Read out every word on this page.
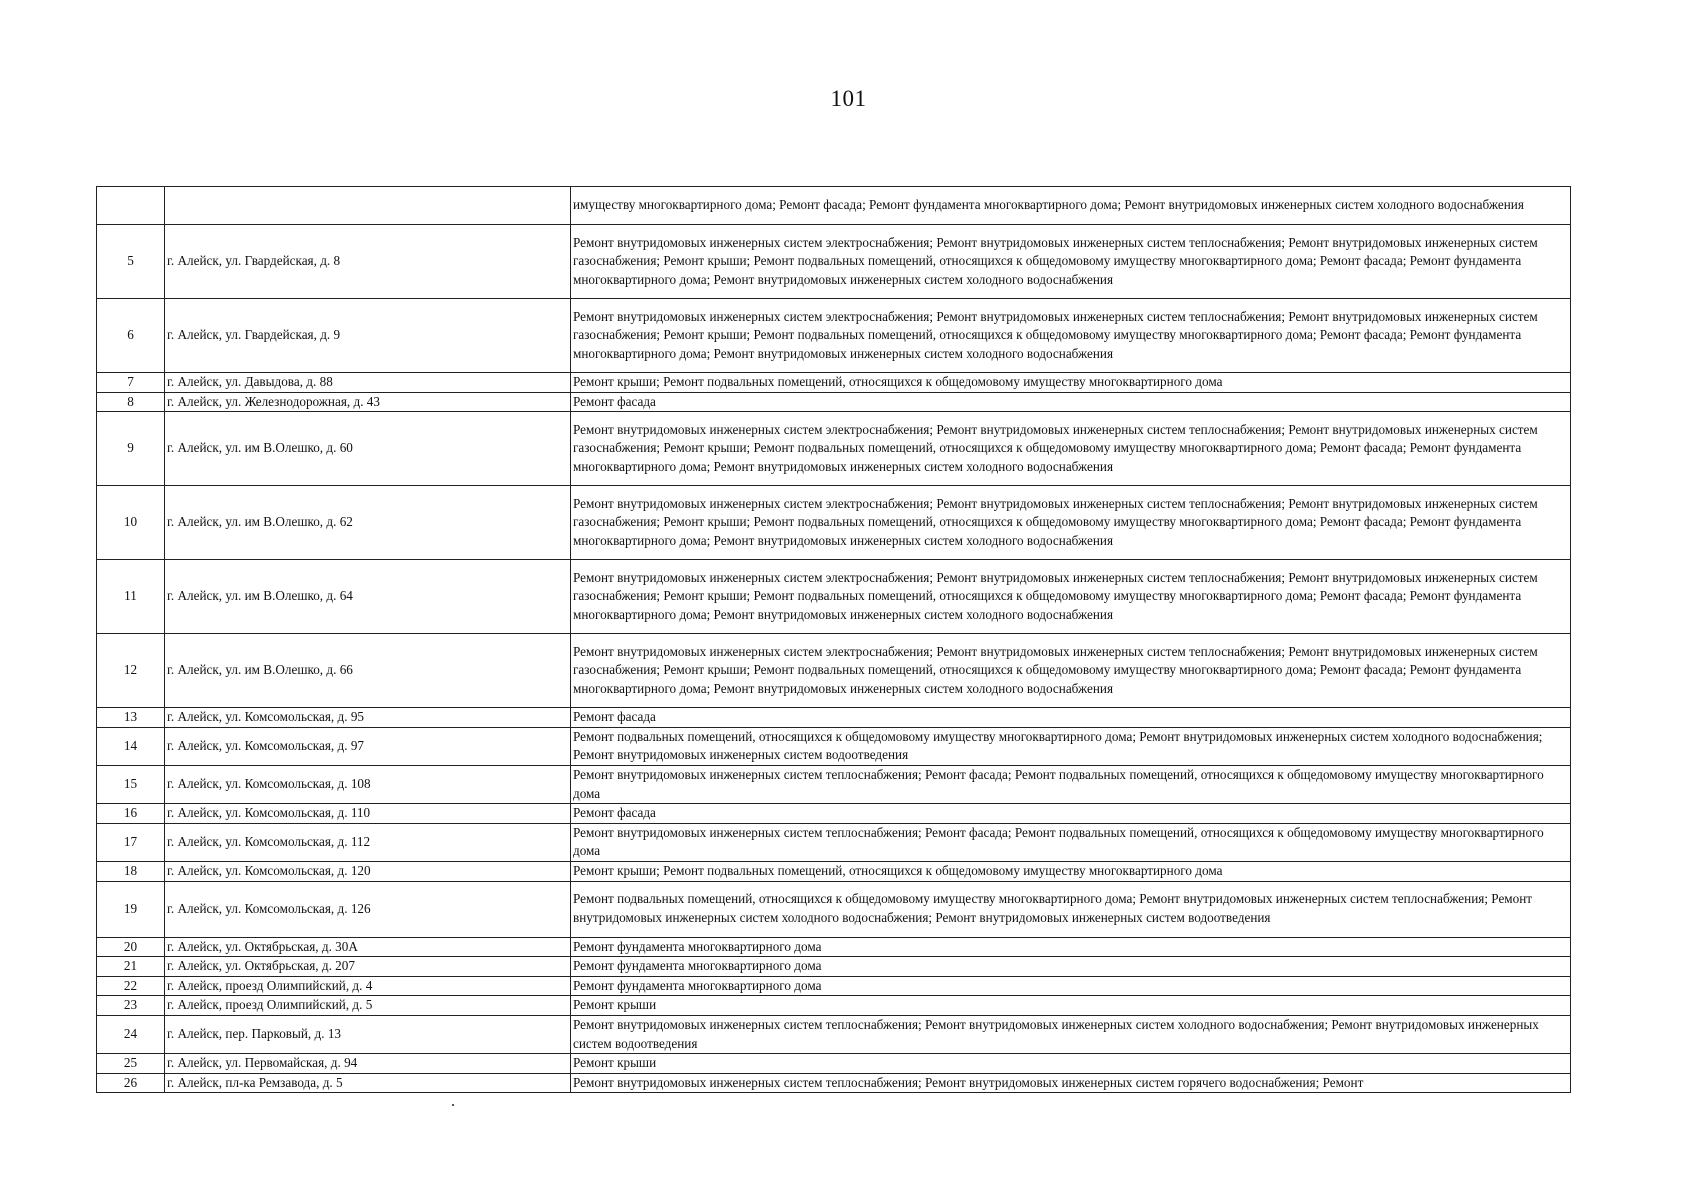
101
		имуществу многоквартирного дома; Ремонт фасада; Ремонт фундамента многоквартирного дома; Ремонт внутридомовых инженерных систем холодного водоснабжения
5	г. Алейск, ул. Гвардейская, д. 8	Ремонт внутридомовых инженерных систем электроснабжения; Ремонт внутридомовых инженерных систем теплоснабжения; Ремонт внутридомовых инженерных систем газоснабжения; Ремонт крыши; Ремонт подвальных помещений, относящихся к общедомовому имуществу многоквартирного дома; Ремонт фасада; Ремонт фундамента многоквартирного дома; Ремонт внутридомовых инженерных систем холодного водоснабжения
6	г. Алейск, ул. Гвардейская, д. 9	Ремонт внутридомовых инженерных систем электроснабжения; Ремонт внутридомовых инженерных систем теплоснабжения; Ремонт внутридомовых инженерных систем газоснабжения; Ремонт крыши; Ремонт подвальных помещений, относящихся к общедомовому имуществу многоквартирного дома; Ремонт фасада; Ремонт фундамента многоквартирного дома; Ремонт внутридомовых инженерных систем холодного водоснабжения
7	г. Алейск, ул. Давыдова, д. 88	Ремонт крыши; Ремонт подвальных помещений, относящихся к общедомовому имуществу многоквартирного дома
8	г. Алейск, ул. Железнодорожная, д. 43	Ремонт фасада
9	г. Алейск, ул. им В.Олешко, д. 60	Ремонт внутридомовых инженерных систем электроснабжения; Ремонт внутридомовых инженерных систем теплоснабжения; Ремонт внутридомовых инженерных систем газоснабжения; Ремонт крыши; Ремонт подвальных помещений, относящихся к общедомовому имуществу многоквартирного дома; Ремонт фасада; Ремонт фундамента многоквартирного дома; Ремонт внутридомовых инженерных систем холодного водоснабжения
10	г. Алейск, ул. им В.Олешко, д. 62	Ремонт внутридомовых инженерных систем электроснабжения; Ремонт внутридомовых инженерных систем теплоснабжения; Ремонт внутридомовых инженерных систем газоснабжения; Ремонт крыши; Ремонт подвальных помещений, относящихся к общедомовому имуществу многоквартирного дома; Ремонт фасада; Ремонт фундамента многоквартирного дома; Ремонт внутридомовых инженерных систем холодного водоснабжения
11	г. Алейск, ул. им В.Олешко, д. 64	Ремонт внутридомовых инженерных систем электроснабжения; Ремонт внутридомовых инженерных систем теплоснабжения; Ремонт внутридомовых инженерных систем газоснабжения; Ремонт крыши; Ремонт подвальных помещений, относящихся к общедомовому имуществу многоквартирного дома; Ремонт фасада; Ремонт фундамента многоквартирного дома; Ремонт внутридомовых инженерных систем холодного водоснабжения
12	г. Алейск, ул. им В.Олешко, д. 66	Ремонт внутридомовых инженерных систем электроснабжения; Ремонт внутридомовых инженерных систем теплоснабжения; Ремонт внутридомовых инженерных систем газоснабжения; Ремонт крыши; Ремонт подвальных помещений, относящихся к общедомовому имуществу многоквартирного дома; Ремонт фасада; Ремонт фундамента многоквартирного дома; Ремонт внутридомовых инженерных систем холодного водоснабжения
13	г. Алейск, ул. Комсомольская, д. 95	Ремонт фасада
14	г. Алейск, ул. Комсомольская, д. 97	Ремонт подвальных помещений, относящихся к общедомовому имуществу многоквартирного дома; Ремонт внутридомовых инженерных систем холодного водоснабжения; Ремонт внутридомовых инженерных систем водоотведения
15	г. Алейск, ул. Комсомольская, д. 108	Ремонт внутридомовых инженерных систем теплоснабжения; Ремонт фасада; Ремонт подвальных помещений, относящихся к общедомовому имуществу многоквартирного дома
16	г. Алейск, ул. Комсомольская, д. 110	Ремонт фасада
17	г. Алейск, ул. Комсомольская, д. 112	Ремонт внутридомовых инженерных систем теплоснабжения; Ремонт фасада; Ремонт подвальных помещений, относящихся к общедомовому имуществу многоквартирного дома
18	г. Алейск, ул. Комсомольская, д. 120	Ремонт крыши; Ремонт подвальных помещений, относящихся к общедомовому имуществу многоквартирного дома
19	г. Алейск, ул. Комсомольская, д. 126	Ремонт подвальных помещений, относящихся к общедомовому имуществу многоквартирного дома; Ремонт внутридомовых инженерных систем теплоснабжения; Ремонт внутридомовых инженерных систем холодного водоснабжения; Ремонт внутридомовых инженерных систем водоотведения
20	г. Алейск, ул. Октябрьская, д. 30А	Ремонт фундамента многоквартирного дома
21	г. Алейск, ул. Октябрьская, д. 207	Ремонт фундамента многоквартирного дома
22	г. Алейск, проезд Олимпийский, д. 4	Ремонт фундамента многоквартирного дома
23	г. Алейск, проезд Олимпийский, д. 5	Ремонт крыши
24	г. Алейск, пер. Парковый, д. 13	Ремонт внутридомовых инженерных систем теплоснабжения; Ремонт внутридомовых инженерных систем холодного водоснабжения; Ремонт внутридомовых инженерных систем водоотведения
25	г. Алейск, ул. Первомайская, д. 94	Ремонт крыши
26	г. Алейск, пл-ка Ремзавода, д. 5	Ремонт внутридомовых инженерных систем теплоснабжения; Ремонт внутридомовых инженерных систем горячего водоснабжения; Ремонт
